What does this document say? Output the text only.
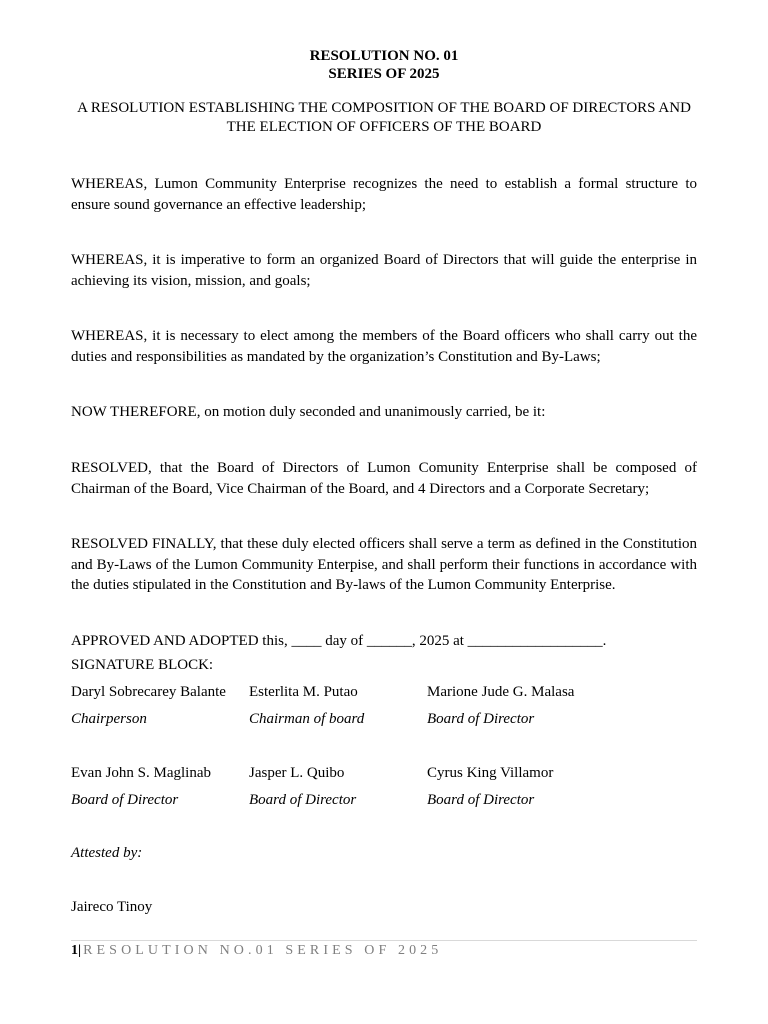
RESOLUTION NO. 01
SERIES OF 2025
A RESOLUTION ESTABLISHING THE COMPOSITION OF THE BOARD OF DIRECTORS AND
THE ELECTION OF OFFICERS OF THE BOARD

WHEREAS, Lumon Community Enterprise recognizes the need to establish a formal structure to ensure sound governance an effective leadership;

WHEREAS, it is imperative to form an organized Board of Directors that will guide the enterprise in achieving its vision, mission, and goals;

WHEREAS, it is necessary to elect among the members of the Board officers who shall carry out the duties and responsibilities as mandated by the organization’s Constitution and By-Laws;

NOW THEREFORE, on motion duly seconded and unanimously carried, be it:

RESOLVED, that the Board of Directors of Lumon Comunity Enterprise shall be composed of Chairman of the Board, Vice Chairman of the Board, and 4 Directors and a Corporate Secretary;

RESOLVED FINALLY, that these duly elected officers shall serve a term as defined in the Constitution and By-Laws of the Lumon Community Enterpise, and shall perform their functions in accordance with the duties stipulated in the Constitution and By-laws of the Lumon Community Enterprise.

APPROVED AND ADOPTED this, ____ day of ______, 2025 at __________________.
SIGNATURE BLOCK:
Daryl Sobrecarey Balante
Chairperson
Esterlita M. Putao
Chairman of board
Marione Jude G. Malasa
Board of Director
Evan John S. Maglinab
Board of Director
Jasper L. Quibo
Board of Director
Cyrus King Villamor
Board of Director
Attested by:
Jaireco Tinoy
1| RESOLUTION NO.01 SERIES OF 2025
